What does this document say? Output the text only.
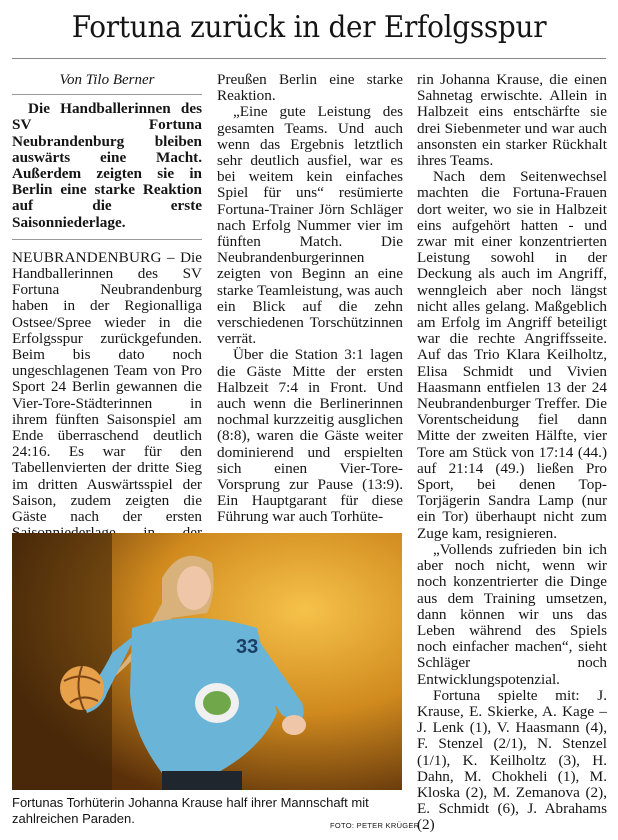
Fortuna zurück in der Erfolgsspur
Von Tilo Berner

Die Handballerinnen des SV Fortuna Neubrandenburg bleiben auswärts eine Macht. Außerdem zeigten sie in Berlin eine starke Reaktion auf die erste Saisonniederlage.

NEUBRANDENBURG – Die Handballerinnen des SV Fortuna Neubrandenburg haben in der Regionalliga Ostsee/Spree wieder in die Erfolgsspur zurückgefunden. Beim bis dato noch ungeschlagenen Team von Pro Sport 24 Berlin gewannen die Vier-Tore-Städterinnen in ihrem fünften Saisonspiel am Ende überraschend deutlich 24:16. Es war für den Tabellenvierten der dritte Sieg im dritten Auswärtsspiel der Saison, zudem zeigten die Gäste nach der ersten

Preußen Berlin eine starke Reaktion.

„Eine gute Leistung des gesamten Teams. Und auch wenn das Ergebnis letztlich sehr deutlich ausfiel, war es bei weitem kein einfaches Spiel für uns“ resümierte Fortuna-Trainer Jörn Schläger nach Erfolg Nummer vier im fünften Match. Die Neubrandenburgerinnen zeigten von Beginn an eine starke Teamleistung, was auch ein Blick auf die zehn verschiedenen Torschützinnen verrät.

Über die Station 3:1 lagen die Gäste Mitte der ersten Halbzeit 7:4 in Front. Und auch wenn die Berlinerinnen nochmal kurzzeitig ausglichen (8:8), waren die Gäste weiter dominierend und erspielten sich einen Vier-Tore-Vorsprung zur Pause (13:9). Ein Hauptgarant für diese Führung war auch Torhüte-

rin Johanna Krause, die einen Sahnetag erwischte. Allein in Halbzeit eins entschärfte sie drei Siebenmeter und war auch ansonsten ein starker Rückhalt ihres Teams.

Nach dem Seitenwechsel machten die Fortuna-Frauen dort weiter, wo sie in Halbzeit eins aufgehört hatten - und zwar mit einer konzentrierten Leistung sowohl in der Deckung als auch im Angriff, wenngleich aber noch längst nicht alles gelang. Maßgeblich am Erfolg im Angriff beteiligt war die rechte Angriffsseite. Auf das Trio Klara Keilholtz, Elisa Schmidt und Vivien Haasmann entfielen 13 der 24 Neubrandenburger Treffer. Die Vorentscheidung fiel dann Mitte der zweiten Hälfte, vier Tore am Stück von 17:14 (44.) auf 21:14 (49.) ließen Pro Sport, bei denen Top-Torjägerin Sandra Lamp (nur ein Tor) überhaupt nicht zum Zuge kam, resignieren.

„Vollends zufrieden bin ich aber noch nicht, wenn wir noch konzentrierter die Dinge aus dem Training umsetzen, dann können wir uns das Leben während des Spiels noch einfacher machen“, sieht Schläger noch Entwicklungspotenzial.

Fortuna spielte mit: J. Krause, E. Skierke, A. Kage – J. Lenk (1), V. Haasmann (4), F. Stenzel (2/1), N. Stenzel (1/1), K. Keilholtz (3), H. Dahn, M. Chokheli (1), M. Kloska (2), M. Zemanova (2), E. Schmidt (6), J. Abrahams (2)

33
Fortunas Torhüterin Johanna Krause half ihrer Mannschaft mit zahlreichen Paraden.	FOTO: PETER KRÜGER
